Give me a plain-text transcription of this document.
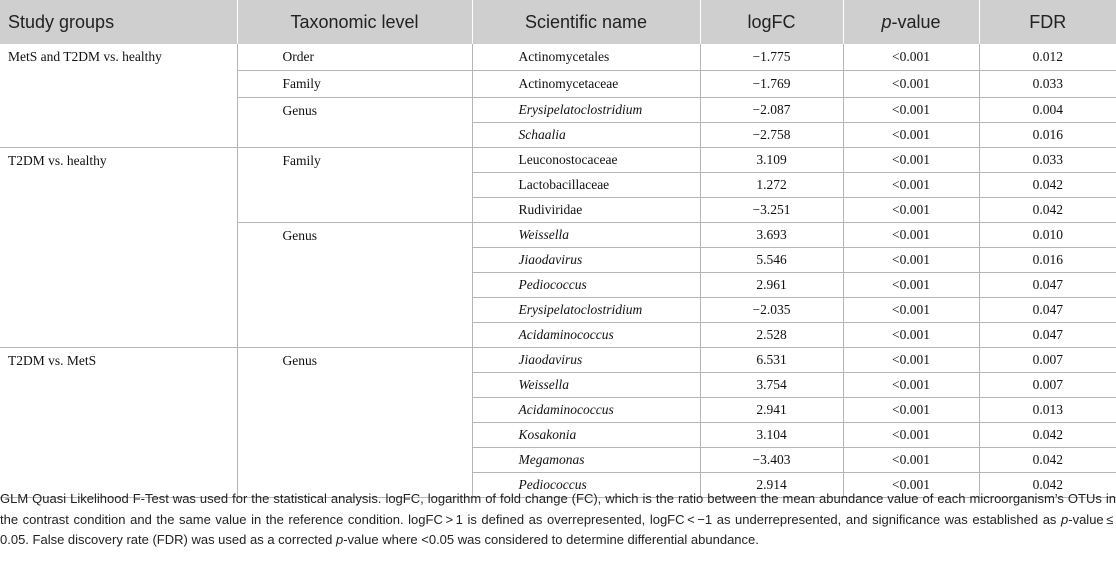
Study groups	Taxonomic level	Scientific name	logFC	p-value	FDR
MetS and T2DM vs. healthy	Order	Actinomycetales	−1.775	<0.001	0.012
	Family	Actinomycetaceae	−1.769	<0.001	0.033
	Genus	Erysipelatoclostridium	−2.087	<0.001	0.004
		Schaalia	−2.758	<0.001	0.016
T2DM vs. healthy	Family	Leuconostocaceae	3.109	<0.001	0.033
		Lactobacillaceae	1.272	<0.001	0.042
		Rudiviridae	−3.251	<0.001	0.042
	Genus	Weissella	3.693	<0.001	0.010
		Jiaodavirus	5.546	<0.001	0.016
		Pediococcus	2.961	<0.001	0.047
		Erysipelatoclostridium	−2.035	<0.001	0.047
		Acidaminococcus	2.528	<0.001	0.047
T2DM vs. MetS	Genus	Jiaodavirus	6.531	<0.001	0.007
		Weissella	3.754	<0.001	0.007
		Acidaminococcus	2.941	<0.001	0.013
		Kosakonia	3.104	<0.001	0.042
		Megamonas	−3.403	<0.001	0.042
		Pediococcus	2.914	<0.001	0.042

GLM Quasi Likelihood F-Test was used for the statistical analysis. logFC, logarithm of fold change (FC), which is the ratio between the mean abundance value of each microorganism’s OTUs in the contrast condition and the same value in the reference condition. logFC > 1 is defined as overrepresented, logFC < −1 as underrepresented, and significance was established as p-value ≤ 0.05. False discovery rate (FDR) was used as a corrected p-value where <0.05 was considered to determine differential abundance.
